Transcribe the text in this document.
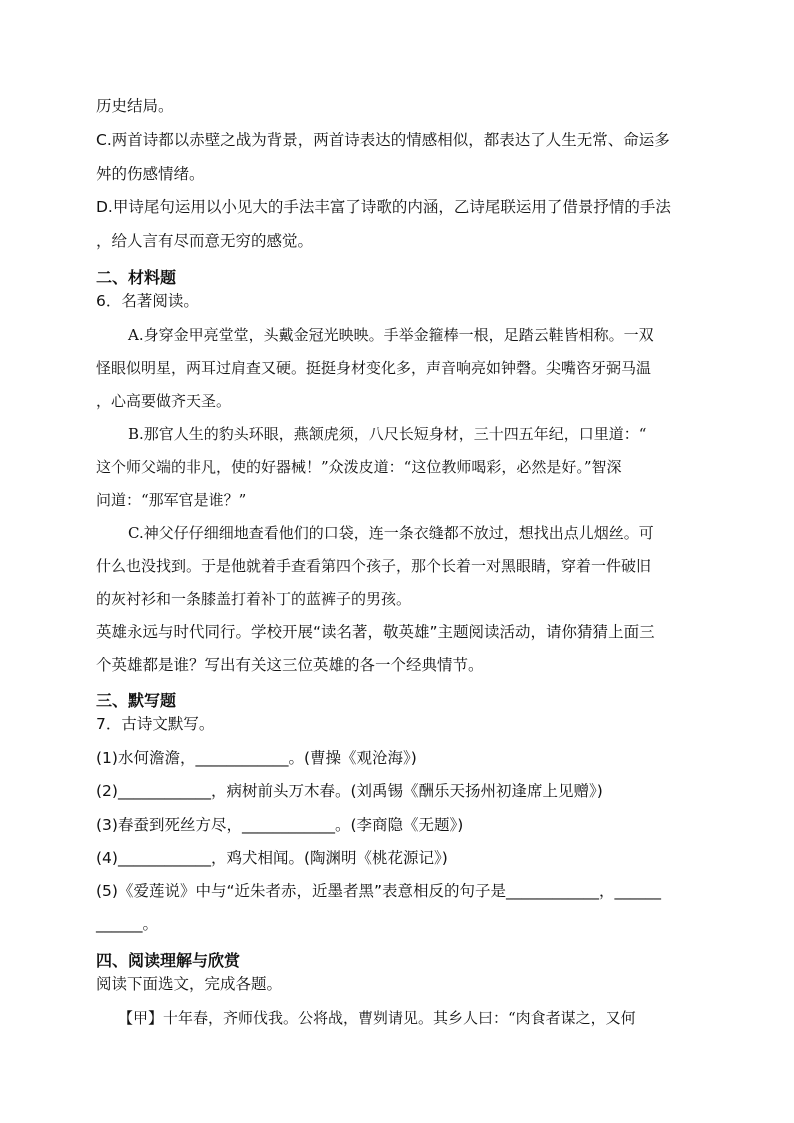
历史结局。
C.两首诗都以赤壁之战为背景，两首诗表达的情感相似，都表达了人生无常、命运多
舛的伤感情绪。
D.甲诗尾句运用以小见大的手法丰富了诗歌的内涵，乙诗尾联运用了借景抒情的手法
，给人言有尽而意无穷的感觉。
二、材料题
6．名著阅读。
A.身穿金甲亮堂堂，头戴金冠光映映。手举金箍棒一根，足踏云鞋皆相称。一双
怪眼似明星，两耳过肩查又硬。挺挺身材变化多，声音响亮如钟磬。尖嘴咨牙弼马温
，心高要做齐天圣。
B.那官人生的豹头环眼，燕颔虎须，八尺长短身材，三十四五年纪，口里道：“
这个师父端的非凡，使的好器械！”众泼皮道：“这位教师喝彩，必然是好。”智深
问道：“那军官是谁？”
C.神父仔仔细细地查看他们的口袋，连一条衣缝都不放过，想找出点儿烟丝。可
什么也没找到。于是他就着手查看第四个孩子，那个长着一对黑眼睛，穿着一件破旧
的灰衬衫和一条膝盖打着补丁的蓝裤子的男孩。
英雄永远与时代同行。学校开展“读名著，敬英雄”主题阅读活动，请你猜猜上面三
个英雄都是谁？写出有关这三位英雄的各一个经典情节。
三、默写题
7．古诗文默写。
(1)水何澹澹，____________。(曹操《观沧海》)
(2)____________，病树前头万木春。(刘禹锡《酬乐天扬州初逢席上见赠》)
(3)春蚕到死丝方尽，____________。(李商隐《无题》)
(4)____________，鸡犬相闻。(陶渊明《桃花源记》)
(5)《爱莲说》中与“近朱者赤，近墨者黑”表意相反的句子是____________，______
______。
四、阅读理解与欣赏
阅读下面选文，完成各题。
【甲】十年春，齐师伐我。公将战，曹刿请见。其乡人曰：“肉食者谋之，又何
